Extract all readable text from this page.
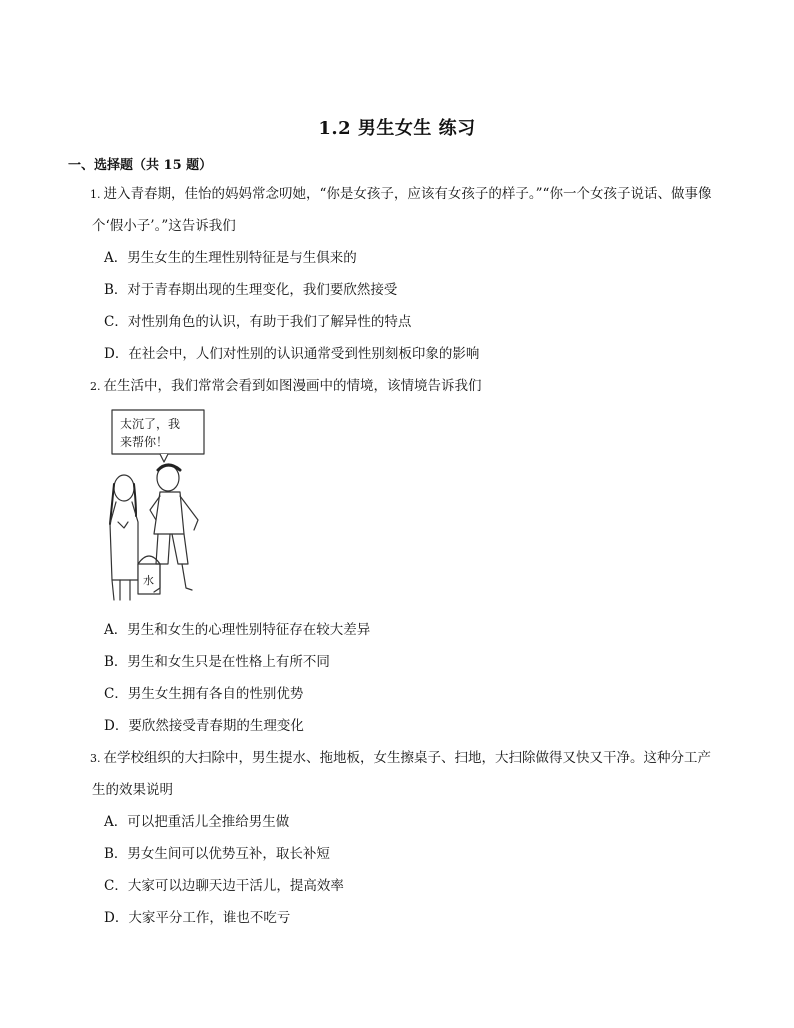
1.2 男生女生 练习
一、选择题（共 15 题）
1. 进入青春期，佳怡的妈妈常念叨她，“你是女孩子，应该有女孩子的样子。”“你一个女孩子说话、做事像
个‘假小子’。”这告诉我们
A．男生女生的生理性别特征是与生俱来的
B．对于青春期出现的生理变化，我们要欣然接受
C．对性别角色的认识，有助于我们了解异性的特点
D．在社会中，人们对性别的认识通常受到性别刻板印象的影响
2. 在生活中，我们常常会看到如图漫画中的情境，该情境告诉我们
太沉了，我
来帮你！
水
A．男生和女生的心理性别特征存在较大差异
B．男生和女生只是在性格上有所不同
C．男生女生拥有各自的性别优势
D．要欣然接受青春期的生理变化
3. 在学校组织的大扫除中，男生提水、拖地板，女生擦桌子、扫地，大扫除做得又快又干净。这种分工产
生的效果说明
A．可以把重活儿全推给男生做
B．男女生间可以优势互补，取长补短
C．大家可以边聊天边干活儿，提高效率
D．大家平分工作，谁也不吃亏
